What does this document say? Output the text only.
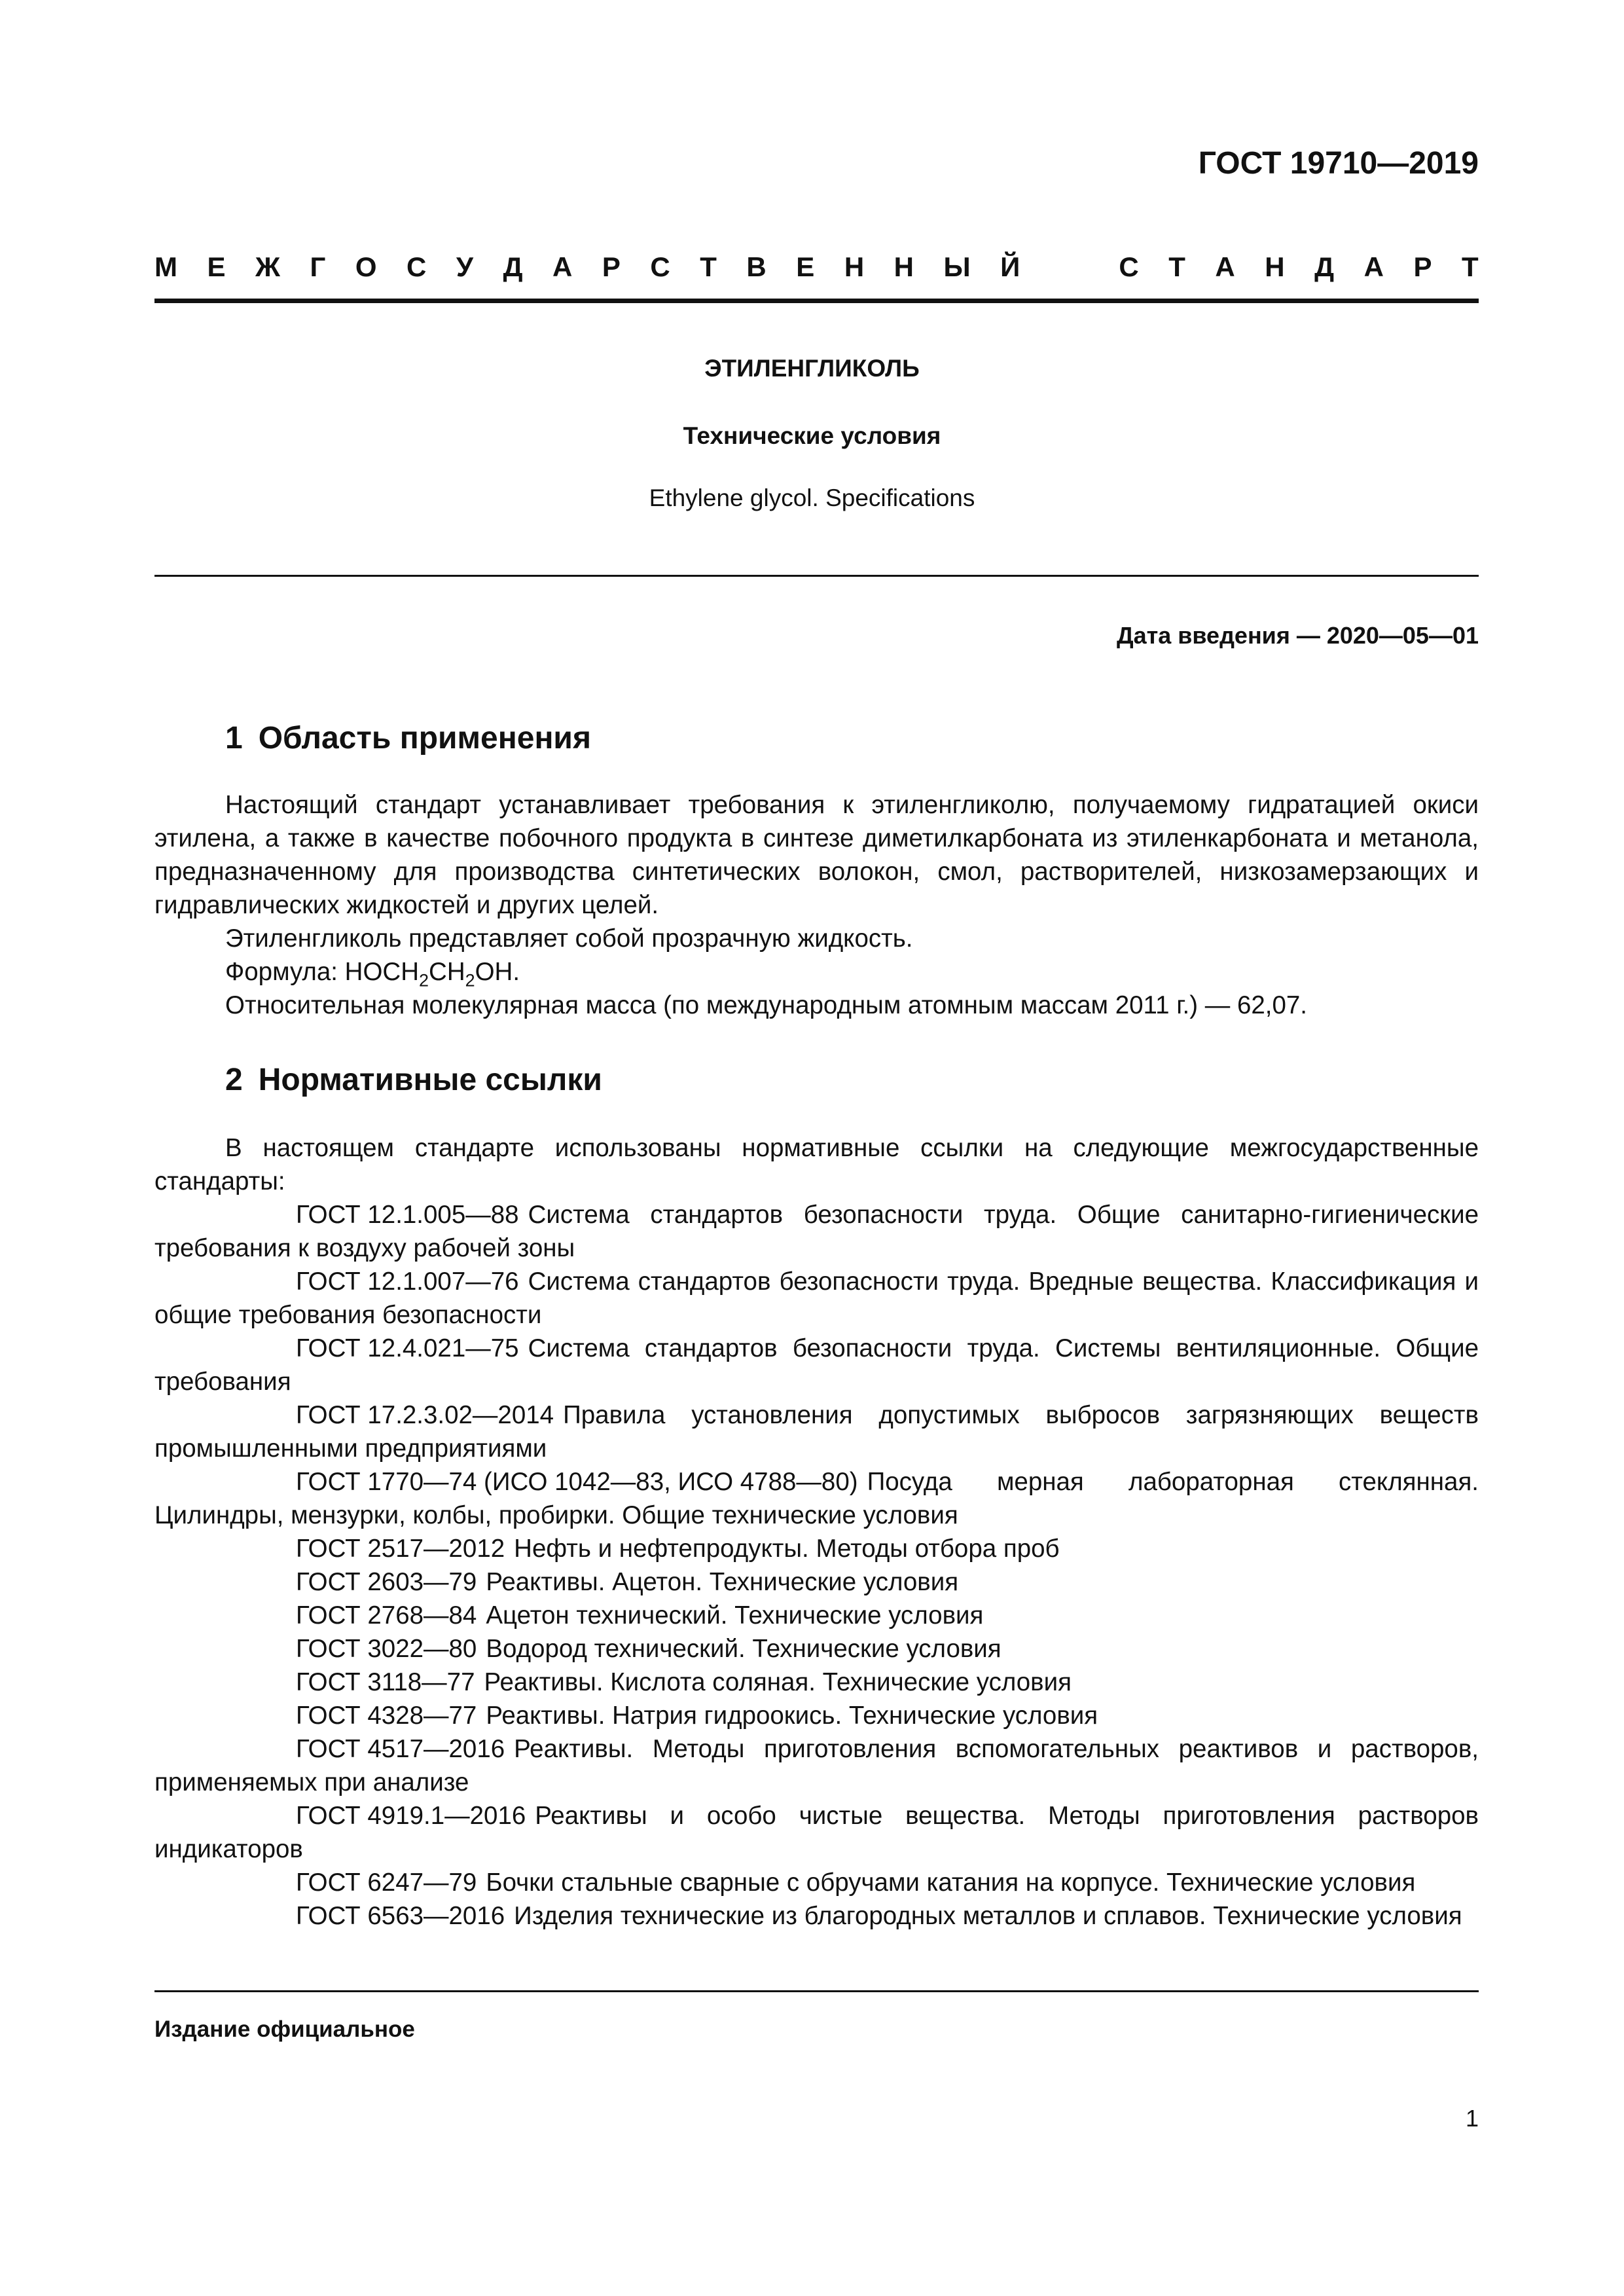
ГОСТ 19710—2019

М Е Ж Г О С У Д А Р С Т В Е Н Н Ы Й	С Т А Н Д А Р Т

ЭТИЛЕНГЛИКОЛЬ

Технические условия

Ethylene glycol. Specifications

Дата введения — 2020—05—01

1 Область применения

Настоящий стандарт устанавливает требования к этиленгликолю, получаемому гидратацией окиси этилена, а также в качестве побочного продукта в синтезе диметилкарбоната из этиленкарбоната и метанола, предназначенному для производства синтетических волокон, смол, растворителей, низкозамерзающих и гидравлических жидкостей и других целей.

Этиленгликоль представляет собой прозрачную жидкость.

Формула: $HOCH_2CH_2OH$.

Относительная молекулярная масса (по международным атомным массам 2011 г.) — 62,07.

2 Нормативные ссылки

В настоящем стандарте использованы нормативные ссылки на следующие межгосударственные стандарты:

ГОСТ 12.1.005—88 Система стандартов безопасности труда. Общие санитарно-гигиенические требования к воздуху рабочей зоны

ГОСТ 12.1.007—76 Система стандартов безопасности труда. Вредные вещества. Классификация и общие требования безопасности

ГОСТ 12.4.021—75 Система стандартов безопасности труда. Системы вентиляционные. Общие требования

ГОСТ 17.2.3.02—2014 Правила установления допустимых выбросов загрязняющих веществ промышленными предприятиями

ГОСТ 1770—74 (ИСО 1042—83, ИСО 4788—80) Посуда мерная лабораторная стеклянная. Цилиндры, мензурки, колбы, пробирки. Общие технические условия

ГОСТ 2517—2012 Нефть и нефтепродукты. Методы отбора проб

ГОСТ 2603—79 Реактивы. Ацетон. Технические условия

ГОСТ 2768—84 Ацетон технический. Технические условия

ГОСТ 3022—80 Водород технический. Технические условия

ГОСТ 3118—77 Реактивы. Кислота соляная. Технические условия

ГОСТ 4328—77 Реактивы. Натрия гидроокись. Технические условия

ГОСТ 4517—2016 Реактивы. Методы приготовления вспомогательных реактивов и растворов, применяемых при анализе

ГОСТ 4919.1—2016 Реактивы и особо чистые вещества. Методы приготовления растворов индикаторов

ГОСТ 6247—79 Бочки стальные сварные с обручами катания на корпусе. Технические условия

ГОСТ 6563—2016 Изделия технические из благородных металлов и сплавов. Технические условия

Издание официальное

1
